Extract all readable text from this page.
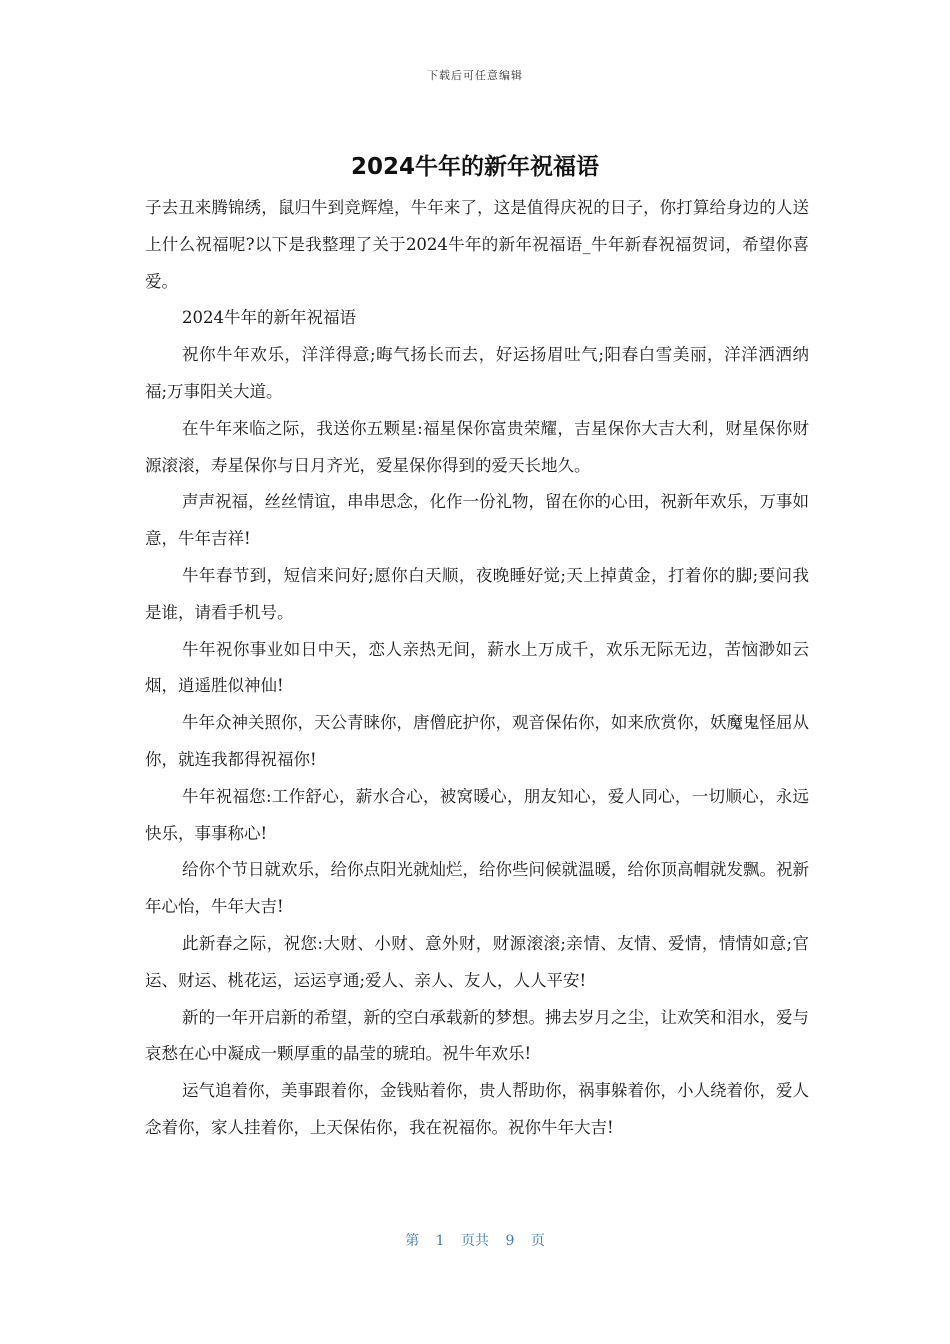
下载后可任意编辑
2024牛年的新年祝福语

子去丑来腾锦绣，鼠归牛到竞辉煌，牛年来了，这是值得庆祝的日子，你打算给身边的人送上什么祝福呢?以下是我整理了关于2024牛年的新年祝福语_牛年新春祝福贺词，希望你喜爱。

2024牛年的新年祝福语

祝你牛年欢乐，洋洋得意;晦气扬长而去，好运扬眉吐气;阳春白雪美丽，洋洋洒洒纳福;万事阳关大道。

在牛年来临之际，我送你五颗星:福星保你富贵荣耀，吉星保你大吉大利，财星保你财源滚滚，寿星保你与日月齐光，爱星保你得到的爱天长地久。

声声祝福，丝丝情谊，串串思念，化作一份礼物，留在你的心田，祝新年欢乐，万事如意，牛年吉祥!

牛年春节到，短信来问好;愿你白天顺，夜晚睡好觉;天上掉黄金，打着你的脚;要问我是谁，请看手机号。

牛年祝你事业如日中天，恋人亲热无间，薪水上万成千，欢乐无际无边，苦恼渺如云烟，逍遥胜似神仙!

牛年众神关照你，天公青睐你，唐僧庇护你，观音保佑你，如来欣赏你，妖魔鬼怪屈从你，就连我都得祝福你!

牛年祝福您:工作舒心，薪水合心，被窝暖心，朋友知心，爱人同心，一切顺心，永远快乐，事事称心!

给你个节日就欢乐，给你点阳光就灿烂，给你些问候就温暖，给你顶高帽就发飘。祝新年心怡，牛年大吉!

此新春之际，祝您:大财、小财、意外财，财源滚滚;亲情、友情、爱情，情情如意;官运、财运、桃花运，运运亨通;爱人、亲人、友人，人人平安!

新的一年开启新的希望，新的空白承载新的梦想。拂去岁月之尘，让欢笑和泪水，爱与哀愁在心中凝成一颗厚重的晶莹的琥珀。祝牛年欢乐!

运气追着你，美事跟着你，金钱贴着你，贵人帮助你，祸事躲着你，小人绕着你，爱人念着你，家人挂着你，上天保佑你，我在祝福你。祝你牛年大吉!

第 1 页共 9 页
